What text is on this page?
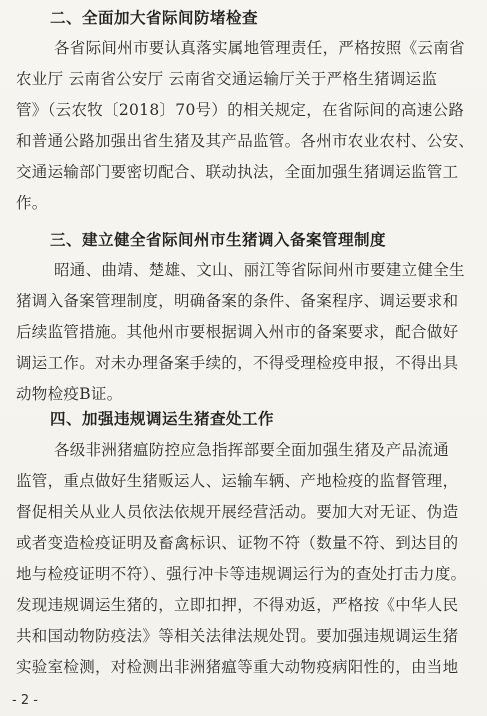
二、全面加大省际间防堵检查
各省际间州市要认真落实属地管理责任，严格按照《云南省
农业厅 云南省公安厅 云南省交通运输厅关于严格生猪调运监
管》（云农牧〔2018〕70号）的相关规定，在省际间的高速公路
和普通公路加强出省生猪及其产品监管。各州市农业农村、公安、
交通运输部门要密切配合、联动执法，全面加强生猪调运监管工
作。
三、建立健全省际间州市生猪调入备案管理制度
昭通、曲靖、楚雄、文山、丽江等省际间州市要建立健全生
猪调入备案管理制度，明确备案的条件、备案程序、调运要求和
后续监管措施。其他州市要根据调入州市的备案要求，配合做好
调运工作。对未办理备案手续的，不得受理检疫申报，不得出具
动物检疫B证。
四、加强违规调运生猪查处工作
各级非洲猪瘟防控应急指挥部要全面加强生猪及产品流通
监管，重点做好生猪贩运人、运输车辆、产地检疫的监督管理，
督促相关从业人员依法依规开展经营活动。要加大对无证、伪造
或者变造检疫证明及畜禽标识、证物不符（数量不符、到达目的
地与检疫证明不符）、强行冲卡等违规调运行为的查处打击力度。
发现违规调运生猪的，立即扣押，不得劝返，严格按《中华人民
共和国动物防疫法》等相关法律法规处罚。要加强违规调运生猪
实验室检测，对检测出非洲猪瘟等重大动物疫病阳性的，由当地
- 2 -
